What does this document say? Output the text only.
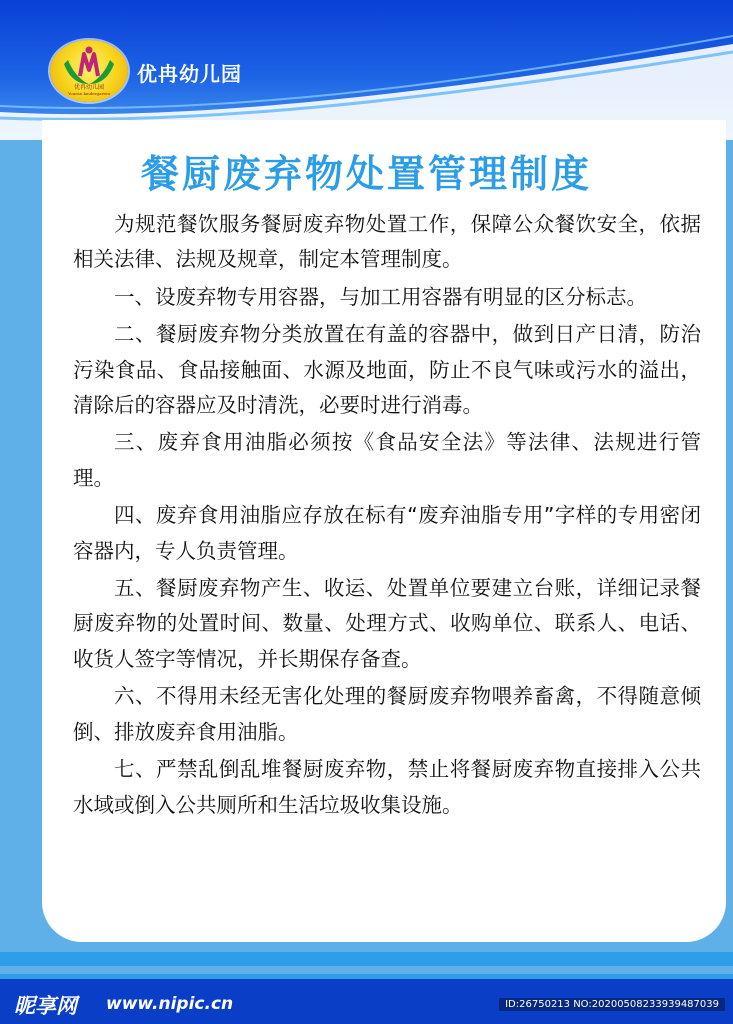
优冉幼儿园
Youran kindergarten
优冉幼儿园
餐厨废弃物处置管理制度

为规范餐饮服务餐厨废弃物处置工作，保障公众餐饮安全，依据相关法律、法规及规章，制定本管理制度。

一、设废弃物专用容器，与加工用容器有明显的区分标志。

二、餐厨废弃物分类放置在有盖的容器中，做到日产日清，防治污染食品、食品接触面、水源及地面，防止不良气味或污水的溢出，清除后的容器应及时清洗，必要时进行消毒。

三、废弃食用油脂必须按《食品安全法》等法律、法规进行管理。

四、废弃食用油脂应存放在标有“废弃油脂专用”字样的专用密闭容器内，专人负责管理。

五、餐厨废弃物产生、收运、处置单位要建立台账，详细记录餐厨废弃物的处置时间、数量、处理方式、收购单位、联系人、电话、收货人签字等情况，并长期保存备查。

六、不得用未经无害化处理的餐厨废弃物喂养畜禽，不得随意倾倒、排放废弃食用油脂。

七、严禁乱倒乱堆餐厨废弃物，禁止将餐厨废弃物直接排入公共水域或倒入公共厕所和生活垃圾收集设施。

昵享网 www.nipic.cn	ID:26750213 NO:20200508233939487039
